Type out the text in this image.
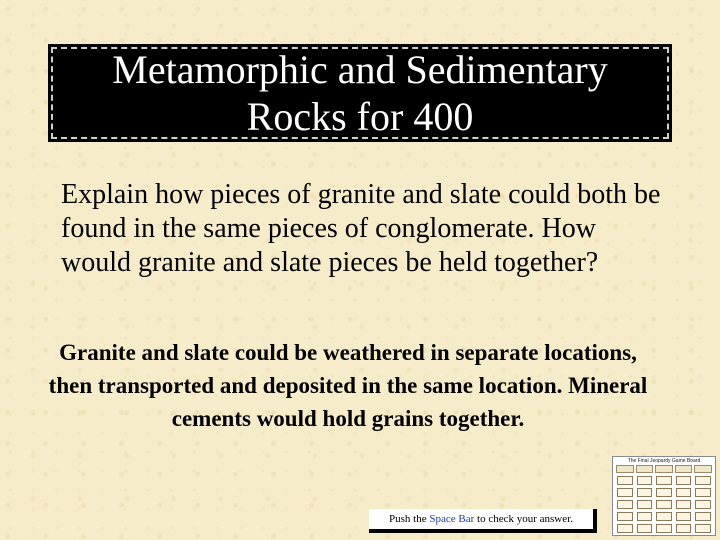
Metamorphic and Sedimentary
Rocks for 400
Explain how pieces of granite and slate could both be found in the same pieces of conglomerate. How would granite and slate pieces be held together?
Granite and slate could be weathered in separate locations, then transported and deposited in the same location. Mineral cements would hold grains together.
Push the Space Bar to check your answer.
The Final Jeopardy Game Board
